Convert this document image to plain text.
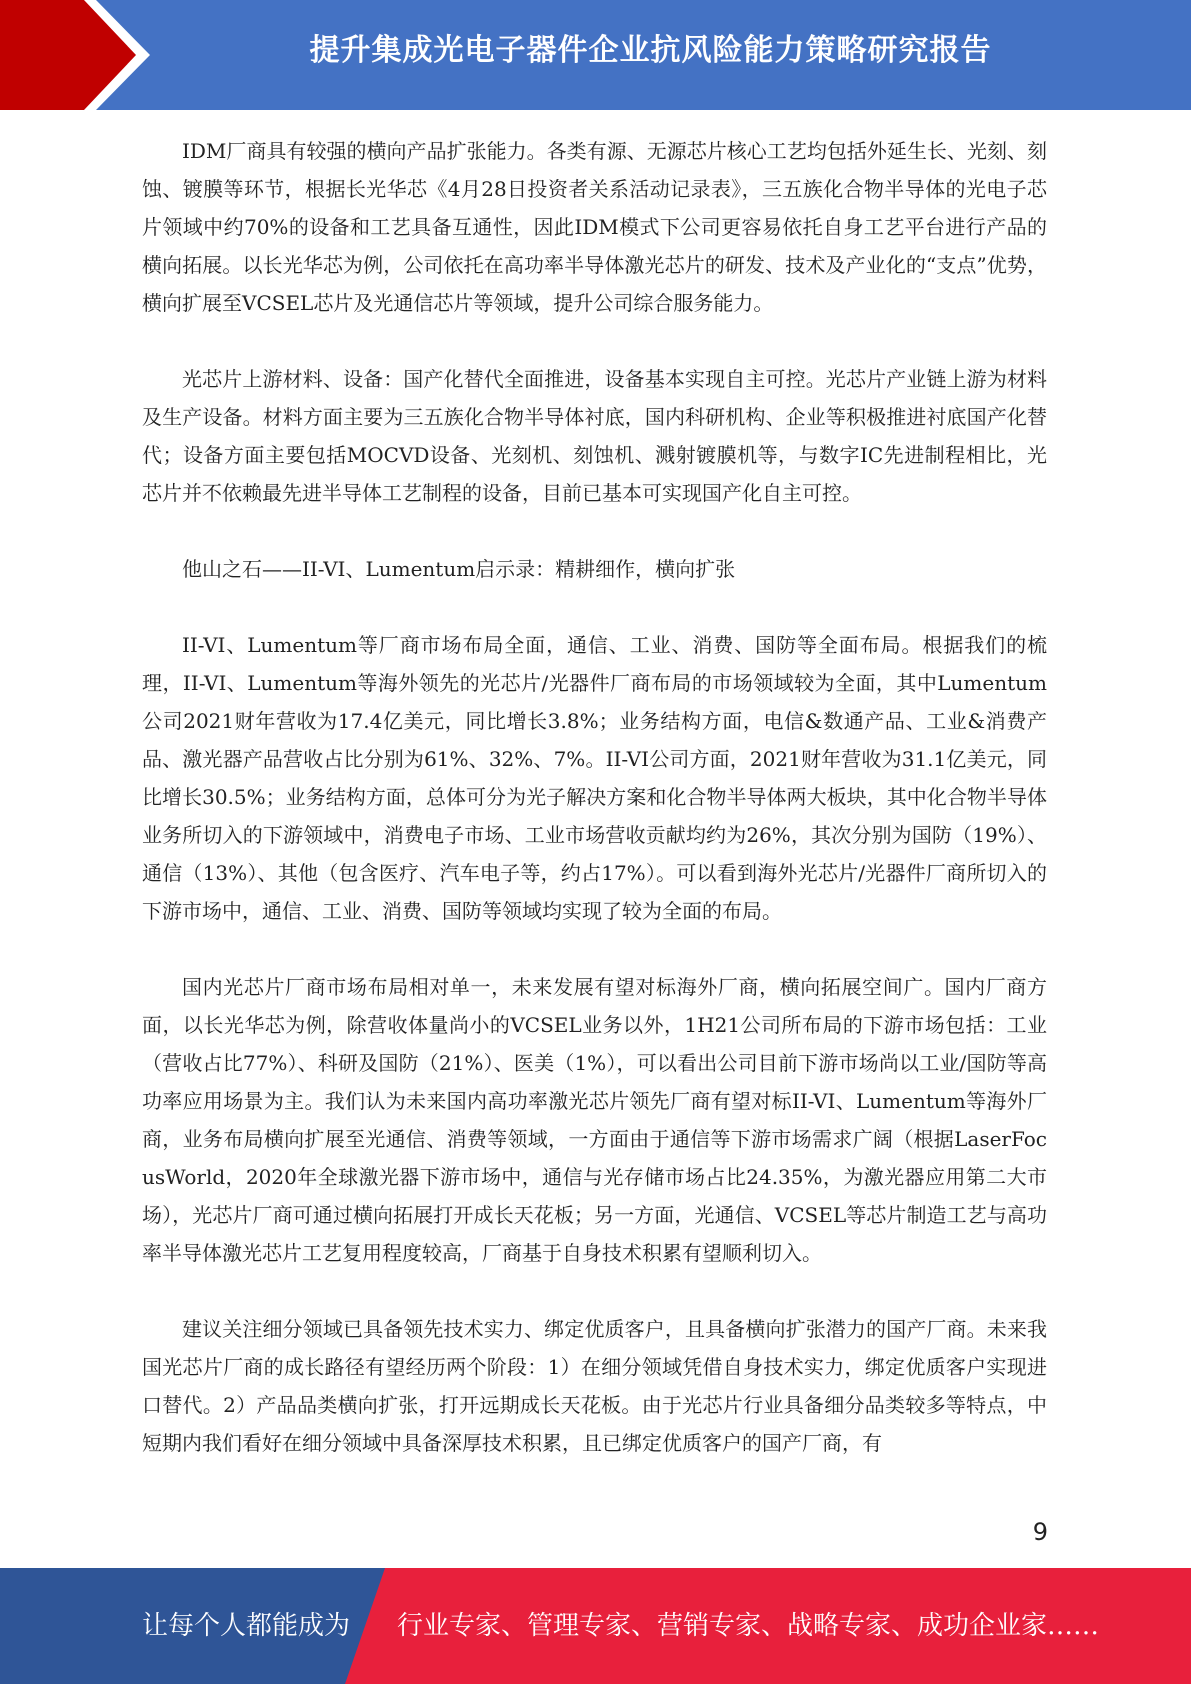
提升集成光电子器件企业抗风险能力策略研究报告

IDM厂商具有较强的横向产品扩张能力。各类有源、无源芯片核心工艺均包括外延生长、光刻、刻蚀、镀膜等环节，根据长光华芯《4月28日投资者关系活动记录表》，三五族化合物半导体的光电子芯片领域中约70%的设备和工艺具备互通性，因此IDM模式下公司更容易依托自身工艺平台进行产品的横向拓展。以长光华芯为例，公司依托在高功率半导体激光芯片的研发、技术及产业化的“支点”优势，横向扩展至VCSEL芯片及光通信芯片等领域，提升公司综合服务能力。

光芯片上游材料、设备：国产化替代全面推进，设备基本实现自主可控。光芯片产业链上游为材料及生产设备。材料方面主要为三五族化合物半导体衬底，国内科研机构、企业等积极推进衬底国产化替代；设备方面主要包括MOCVD设备、光刻机、刻蚀机、溅射镀膜机等，与数字IC先进制程相比，光芯片并不依赖最先进半导体工艺制程的设备，目前已基本可实现国产化自主可控。

他山之石——II-VI、Lumentum启示录：精耕细作，横向扩张

II-VI、Lumentum等厂商市场布局全面，通信、工业、消费、国防等全面布局。根据我们的梳理，II-VI、Lumentum等海外领先的光芯片/光器件厂商布局的市场领域较为全面，其中Lumentum公司2021财年营收为17.4亿美元，同比增长3.8%；业务结构方面，电信&数通产品、工业&消费产品、激光器产品营收占比分别为61%、32%、7%。II-VI公司方面，2021财年营收为31.1亿美元，同比增长30.5%；业务结构方面，总体可分为光子解决方案和化合物半导体两大板块，其中化合物半导体业务所切入的下游领域中，消费电子市场、工业市场营收贡献均约为26%，其次分别为国防（19%）、通信（13%）、其他（包含医疗、汽车电子等，约占17%）。可以看到海外光芯片/光器件厂商所切入的下游市场中，通信、工业、消费、国防等领域均实现了较为全面的布局。

国内光芯片厂商市场布局相对单一，未来发展有望对标海外厂商，横向拓展空间广。国内厂商方面，以长光华芯为例，除营收体量尚小的VCSEL业务以外，1H21公司所布局的下游市场包括：工业（营收占比77%）、科研及国防（21%）、医美（1%），可以看出公司目前下游市场尚以工业/国防等高功率应用场景为主。我们认为未来国内高功率激光芯片领先厂商有望对标II-VI、Lumentum等海外厂商，业务布局横向扩展至光通信、消费等领域，一方面由于通信等下游市场需求广阔（根据LaserFocusWorld，2020年全球激光器下游市场中，通信与光存储市场占比24.35%，为激光器应用第二大市场），光芯片厂商可通过横向拓展打开成长天花板；另一方面，光通信、VCSEL等芯片制造工艺与高功率半导体激光芯片工艺复用程度较高，厂商基于自身技术积累有望顺利切入。

建议关注细分领域已具备领先技术实力、绑定优质客户，且具备横向扩张潜力的国产厂商。未来我国光芯片厂商的成长路径有望经历两个阶段：1）在细分领域凭借自身技术实力，绑定优质客户实现进口替代。2）产品品类横向扩张，打开远期成长天花板。由于光芯片行业具备细分品类较多等特点，中短期内我们看好在细分领域中具备深厚技术积累，且已绑定优质客户的国产厂商，有

9
让每个人都能成为 行业专家、管理专家、营销专家、战略专家、成功企业家……
